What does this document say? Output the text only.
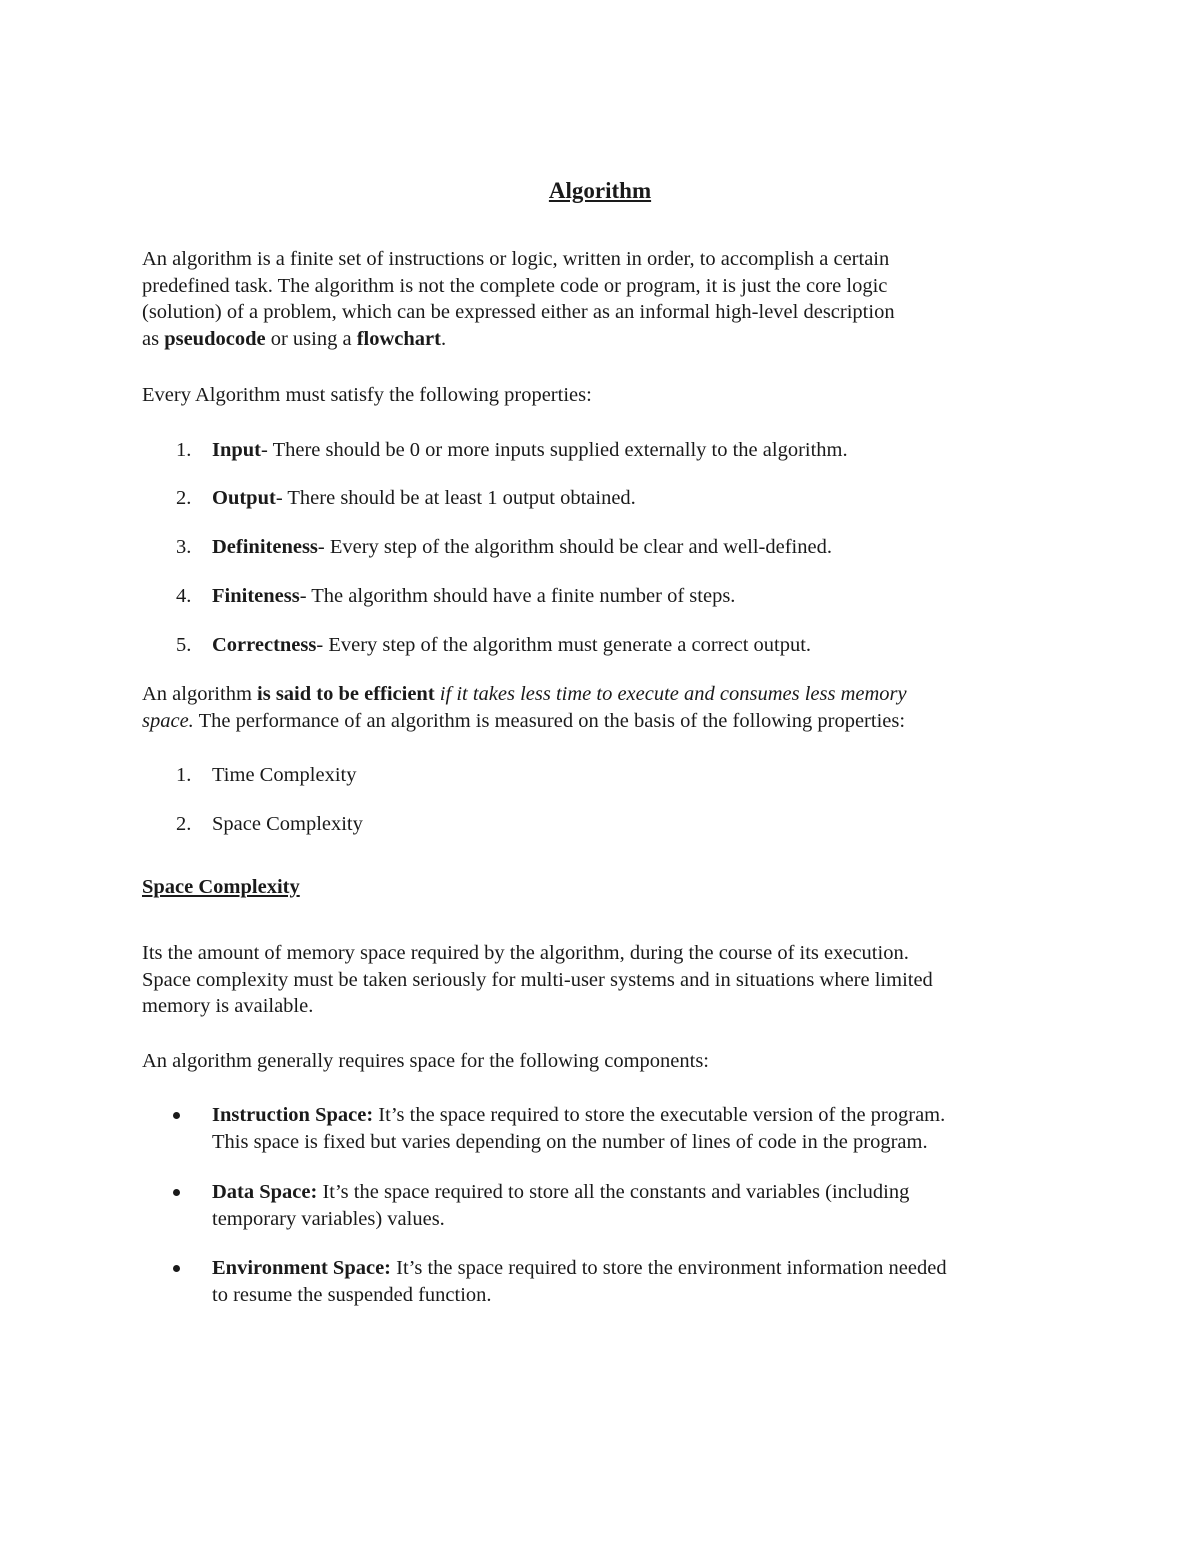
Algorithm
An algorithm is a finite set of instructions or logic, written in order, to accomplish a certain
predefined task. The algorithm is not the complete code or program, it is just the core logic
(solution) of a problem, which can be expressed either as an informal high-level description
as pseudocode or using a flowchart.

Every Algorithm must satisfy the following properties:

1. Input- There should be 0 or more inputs supplied externally to the algorithm.
2. Output- There should be at least 1 output obtained.
3. Definiteness- Every step of the algorithm should be clear and well-defined.
4. Finiteness- The algorithm should have a finite number of steps.
5. Correctness- Every step of the algorithm must generate a correct output.
An algorithm is said to be efficient if it takes less time to execute and consumes less memory
space. The performance of an algorithm is measured on the basis of the following properties:
1. Time Complexity
2. Space Complexity
Space Complexity
Its the amount of memory space required by the algorithm, during the course of its execution.
Space complexity must be taken seriously for multi-user systems and in situations where limited
memory is available.

An algorithm generally requires space for the following components:

Instruction Space: It’s the space required to store the executable version of the program.
This space is fixed but varies depending on the number of lines of code in the program.
Data Space: It’s the space required to store all the constants and variables (including
temporary variables) values.
Environment Space: It’s the space required to store the environment information needed
to resume the suspended function.
